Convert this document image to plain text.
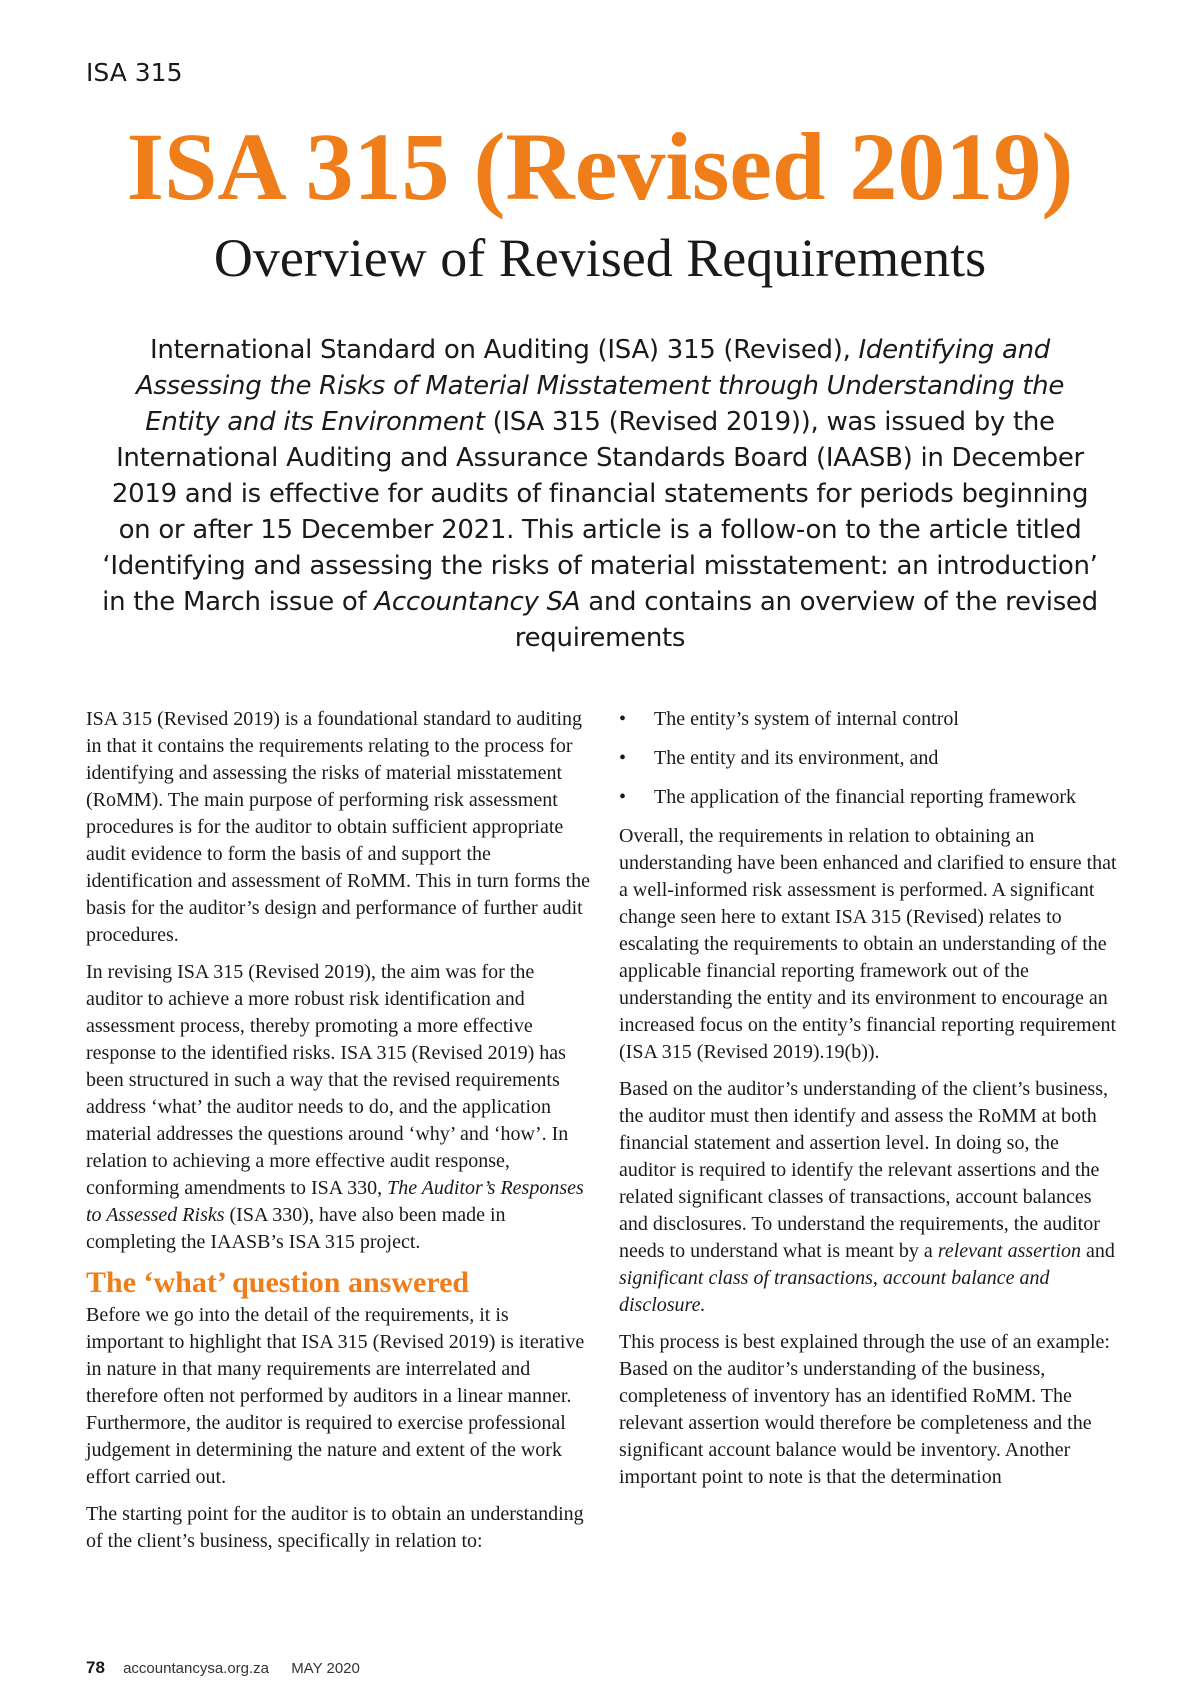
ISA 315
ISA 315 (Revised 2019)
Overview of Revised Requirements

International Standard on Auditing (ISA) 315 (Revised), Identifying and Assessing the Risks of Material Misstatement through Understanding the Entity and its Environment (ISA 315 (Revised 2019)), was issued by the International Auditing and Assurance Standards Board (IAASB) in December 2019 and is effective for audits of financial statements for periods beginning on or after 15 December 2021. This article is a follow-on to the article titled ‘Identifying and assessing the risks of material misstatement: an introduction’ in the March issue of Accountancy SA and contains an overview of the revised requirements

ISA 315 (Revised 2019) is a foundational standard to auditing in that it contains the requirements relating to the process for identifying and assessing the risks of material misstatement (RoMM). The main purpose of performing risk assessment procedures is for the auditor to obtain sufficient appropriate audit evidence to form the basis of and support the identification and assessment of RoMM. This in turn forms the basis for the auditor’s design and performance of further audit procedures.

In revising ISA 315 (Revised 2019), the aim was for the auditor to achieve a more robust risk identification and assessment process, thereby promoting a more effective response to the identified risks. ISA 315 (Revised 2019) has been structured in such a way that the revised requirements address ‘what’ the auditor needs to do, and the application material addresses the questions around ‘why’ and ‘how’. In relation to achieving a more effective audit response, conforming amendments to ISA 330, The Auditor’s Responses to Assessed Risks (ISA 330), have also been made in completing the IAASB’s ISA 315 project.

The ‘what’ question answered

Before we go into the detail of the requirements, it is important to highlight that ISA 315 (Revised 2019) is iterative in nature in that many requirements are interrelated and therefore often not performed by auditors in a linear manner. Furthermore, the auditor is required to exercise professional judgement in determining the nature and extent of the work effort carried out.

The starting point for the auditor is to obtain an understanding of the client’s business, specifically in relation to:

• The entity’s system of internal control
• The entity and its environment, and
• The application of the financial reporting framework

Overall, the requirements in relation to obtaining an understanding have been enhanced and clarified to ensure that a well-informed risk assessment is performed. A significant change seen here to extant ISA 315 (Revised) relates to escalating the requirements to obtain an understanding of the applicable financial reporting framework out of the understanding the entity and its environment to encourage an increased focus on the entity’s financial reporting requirement (ISA 315 (Revised 2019).19(b)).

Based on the auditor’s understanding of the client’s business, the auditor must then identify and assess the RoMM at both financial statement and assertion level. In doing so, the auditor is required to identify the relevant assertions and the related significant classes of transactions, account balances and disclosures. To understand the requirements, the auditor needs to understand what is meant by a relevant assertion and significant class of transactions, account balance and disclosure.

This process is best explained through the use of an example: Based on the auditor’s understanding of the business, completeness of inventory has an identified RoMM. The relevant assertion would therefore be completeness and the significant account balance would be inventory. Another important point to note is that the determination

78 accountancysa.org.za MAY 2020
